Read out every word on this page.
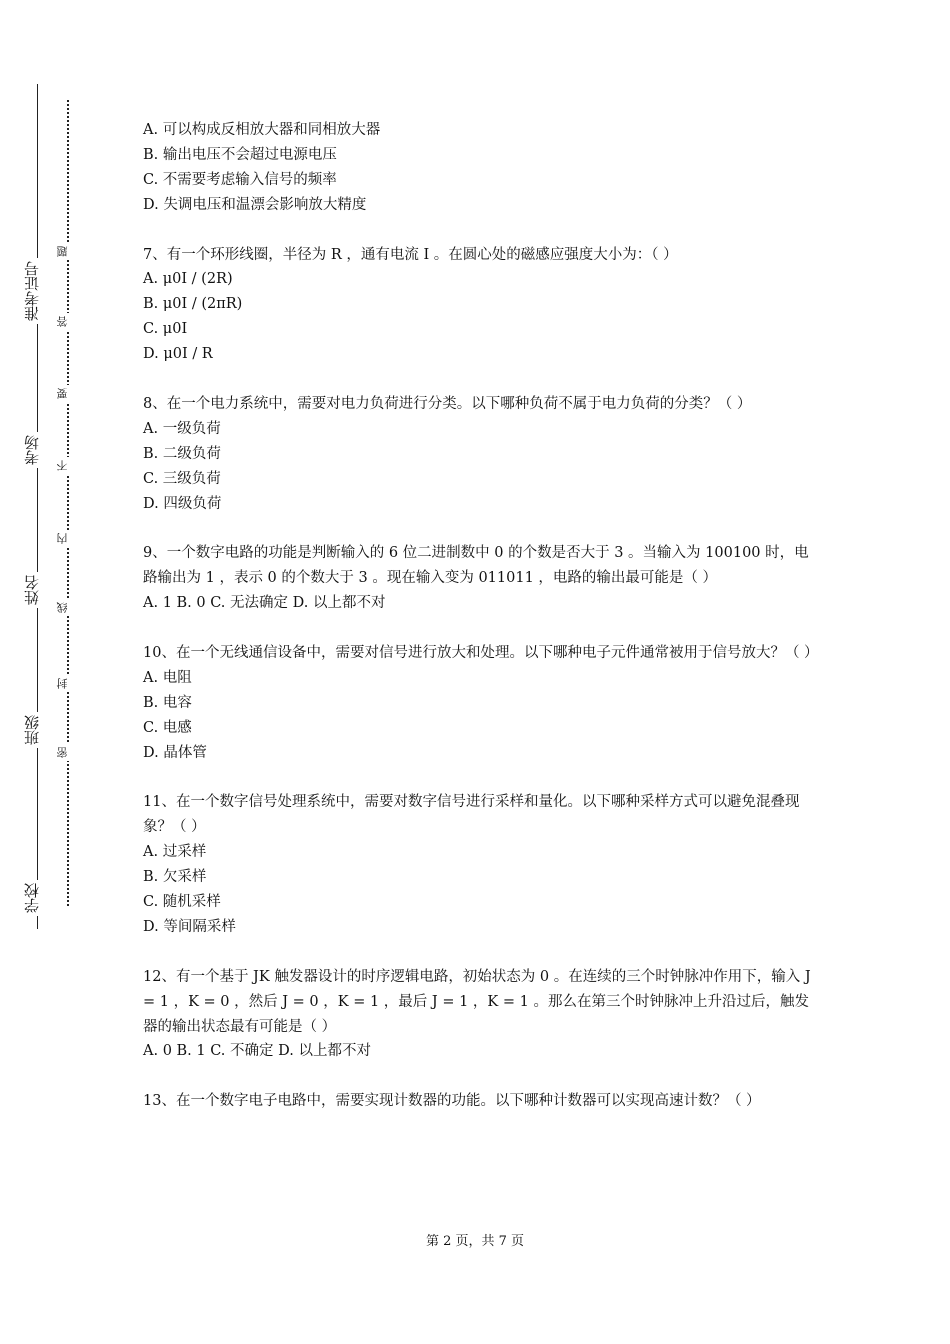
学校
班级
姓名
考场
准考证号
密
封
线
内
不
要
答
题

A. 可以构成反相放大器和同相放大器

B. 输出电压不会超过电源电压

C. 不需要考虑输入信号的频率

D. 失调电压和温漂会影响放大精度

7、有一个环形线圈，半径为 R ，通有电流 I 。在圆心处的磁感应强度大小为：（ ）

A. μ0I / (2R)

B. μ0I / (2πR)

C. μ0I

D. μ0I / R

8、在一个电力系统中，需要对电力负荷进行分类。以下哪种负荷不属于电力负荷的分类？（ ）

A. 一级负荷

B. 二级负荷

C. 三级负荷

D. 四级负荷

9、一个数字电路的功能是判断输入的 6 位二进制数中 0 的个数是否大于 3 。当输入为 100100 时，电路输出为 1 ，表示 0 的个数大于 3 。现在输入变为 011011 ，电路的输出最可能是（ ）

A. 1 B. 0 C. 无法确定 D. 以上都不对

10、在一个无线通信设备中，需要对信号进行放大和处理。以下哪种电子元件通常被用于信号放大？（ ）

A. 电阻

B. 电容

C. 电感

D. 晶体管

11、在一个数字信号处理系统中，需要对数字信号进行采样和量化。以下哪种采样方式可以避免混叠现象？（ ）

A. 过采样

B. 欠采样

C. 随机采样

D. 等间隔采样

12、有一个基于 JK 触发器设计的时序逻辑电路，初始状态为 0 。在连续的三个时钟脉冲作用下，输入 J = 1 ，K = 0 ，然后 J = 0 ，K = 1 ，最后 J = 1 ，K = 1 。那么在第三个时钟脉冲上升沿过后，触发器的输出状态最有可能是（ ）

A. 0 B. 1 C. 不确定 D. 以上都不对

13、在一个数字电子电路中，需要实现计数器的功能。以下哪种计数器可以实现高速计数？（ ）

第 2 页，共 7 页
